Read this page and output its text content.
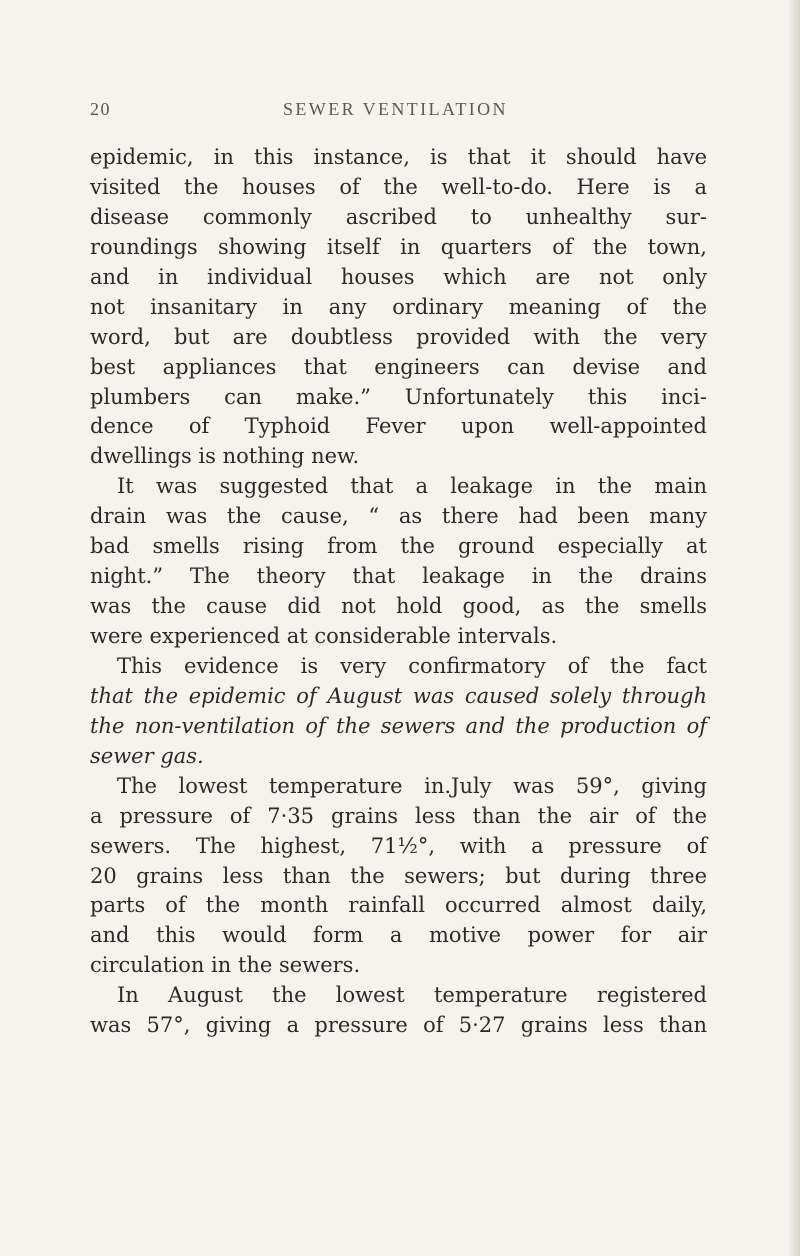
20	SEWER VENTILATION
epidemic, in this instance, is that it should have
visited the houses of the well-to-do. Here is a
disease commonly ascribed to unhealthy sur-
roundings showing itself in quarters of the town,
and in individual houses which are not only
not insanitary in any ordinary meaning of the
word, but are doubtless provided with the very
best appliances that engineers can devise and
plumbers can make.” Unfortunately this inci-
dence of Typhoid Fever upon well-appointed
dwellings is nothing new.
It was suggested that a leakage in the main
drain was the cause, “ as there had been many
bad smells rising from the ground especially at
night.” The theory that leakage in the drains
was the cause did not hold good, as the smells
were experienced at considerable intervals.
This evidence is very confirmatory of the fact
that the epidemic of August was caused solely through
the non-ventilation of the sewers and the production of
sewer gas.
The lowest temperature in.July was 59°, giving
a pressure of 7·35 grains less than the air of the
sewers. The highest, 71½°, with a pressure of
20 grains less than the sewers; but during three
parts of the month rainfall occurred almost daily,
and this would form a motive power for air
circulation in the sewers.
In August the lowest temperature registered
was 57°, giving a pressure of 5·27 grains less than
